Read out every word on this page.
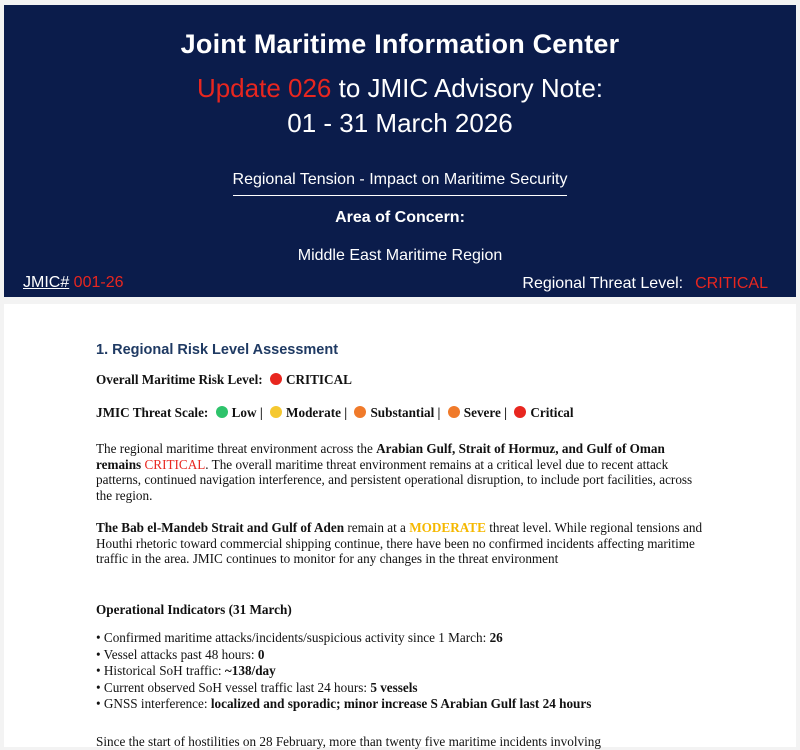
Joint Maritime Information Center
Update 026 to JMIC Advisory Note:
01 - 31 March 2026
Regional Tension - Impact on Maritime Security
Area of Concern:
Middle East Maritime Region
JMIC# 001-26	Regional Threat Level: CRITICAL
1. Regional Risk Level Assessment
Overall Maritime Risk Level: CRITICAL
JMIC Threat Scale: Low | Moderate | Substantial | Severe | Critical
The regional maritime threat environment across the Arabian Gulf, Strait of Hormuz, and Gulf of Oman remains CRITICAL. The overall maritime threat environment remains at a critical level due to recent attack patterns, continued navigation interference, and persistent operational disruption, to include port facilities, across the region.
The Bab el-Mandeb Strait and Gulf of Aden remain at a MODERATE threat level. While regional tensions and Houthi rhetoric toward commercial shipping continue, there have been no confirmed incidents affecting maritime traffic in the area. JMIC continues to monitor for any changes in the threat environment
Operational Indicators (31 March)
• Confirmed maritime attacks/incidents/suspicious activity since 1 March: 26
• Vessel attacks past 48 hours: 0
• Historical SoH traffic: ~138/day
• Current observed SoH vessel traffic last 24 hours: 5 vessels
• GNSS interference: localized and sporadic; minor increase S Arabian Gulf last 24 hours
Since the start of hostilities on 28 February, more than twenty five maritime incidents involving
